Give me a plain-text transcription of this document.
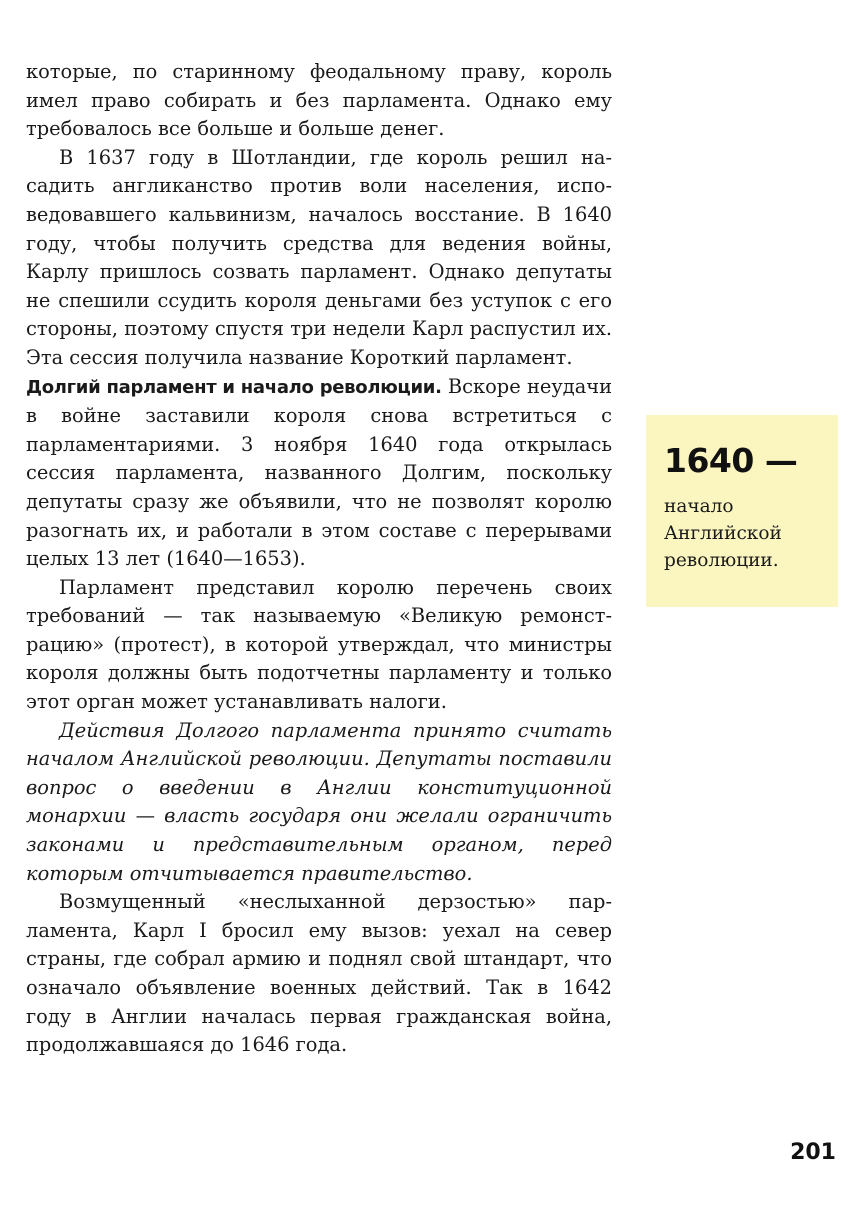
которые, по старинному феодальному праву, король имел право собирать и без парламента. Однако ему требовалось все больше и больше денег.

В 1637 году в Шотландии, где король решил насадить англиканство против воли населения, исповедовавшего кальвинизм, началось восстание. В 1640 году, чтобы получить средства для ведения войны, Карлу пришлось созвать парламент. Однако депутаты не спешили ссудить короля деньгами без уступок с его стороны, поэтому спустя три недели Карл распустил их. Эта сессия получила название Короткий парламент.

Долгий парламент и начало революции. Вскоре неудачи в войне заставили короля снова встретиться с парламентариями. 3 ноября 1640 года открылась сессия парламента, названного Долгим, поскольку депутаты сразу же объявили, что не позволят королю разогнать их, и работали в этом составе с перерывами целых 13 лет (1640—1653).

Парламент представил королю перечень своих требований — так называемую «Великую ремонстрацию» (протест), в которой утверждал, что министры короля должны быть подотчетны парламенту и только этот орган может устанавливать налоги.

Действия Долгого парламента принято считать началом Английской революции. Депутаты поставили вопрос о введении в Англии конституционной монархии — власть государя они желали ограничить законами и представительным органом, перед которым отчитывается правительство.

Возмущенный «неслыханной дерзостью» парламента, Карл I бросил ему вызов: уехал на север страны, где собрал армию и поднял свой штандарт, что означало объявление военных действий. Так в 1642 году в Англии началась первая гражданская война, продолжавшаяся до 1646 года.

1640 —
начало Английской революции.
201
